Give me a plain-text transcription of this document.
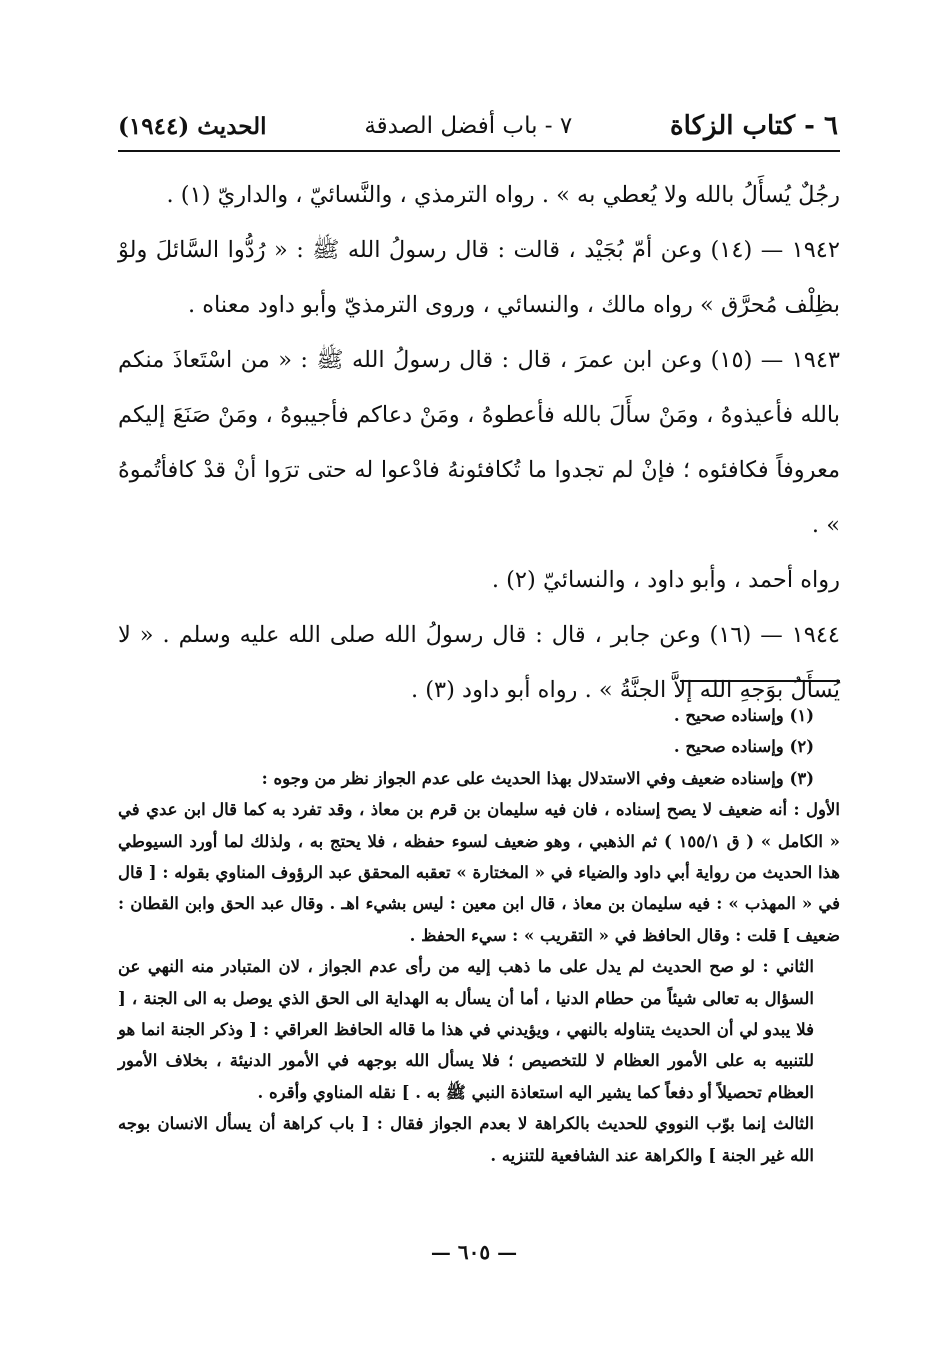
٦ - كتاب الزكاة
٧ - باب أفضل الصدقة
الحديث (١٩٤٤)

رجُلٌ يُسأَلُ بالله ولا يُعطي به » . رواه الترمذي ، والنَّسائيّ ، والداريّ (١) .

١٩٤٢ — (١٤) وعن أمّ بُجَيْد ، قالت : قال رسولُ الله ﷺ : « رُدُّوا السَّائلَ ولوْ بظِلْف مُحرَّق » رواه مالك ، والنسائي ، وروى الترمذيّ وأبو داود معناه .

١٩٤٣ — (١٥) وعن ابن عمرَ ، قال : قال رسولُ الله ﷺ : « من اسْتَعاذَ منكم بالله فأعيذوهُ ، ومَنْ سأَلَ بالله فأعطوهُ ، ومَنْ دعاكم فأجيبوهُ ، ومَنْ صَنَعَ إليكم معروفاً فكافئوه ؛ فإنْ لم تجدوا ما تُكافئونهُ فادْعوا له حتى ترَوا أنْ قدْ كافأتُموهُ » .

رواه أحمد ، وأبو داود ، والنسائيّ (٢) .

١٩٤٤ — (١٦) وعن جابر ، قال : قال رسولُ الله صلى الله عليه وسلم . « لا يُسأَلُ بوَجهِ الله إلاَّ الجنَّةُ » . رواه أبو داود (٣) .

(١) وإسناده صحيح .

(٢) وإسناده صحيح .

(٣) وإسناده ضعيف وفي الاستدلال بهذا الحديث على عدم الجواز نظر من وجوه :

الأول : أنه ضعيف لا يصح إسناده ، فان فيه سليمان بن قرم بن معاذ ، وقد تفرد به كما قال ابن عدي في « الكامل » ( ق ١٥٥/١ ) ثم الذهبي ، وهو ضعيف لسوء حفظه ، فلا يحتج به ، ولذلك لما أورد السيوطي هذا الحديث من رواية أبي داود والضياء في « المختارة » تعقبه المحقق عبد الرؤوف المناوي بقوله : [ قال في « المهذب » : فيه سليمان بن معاذ ، قال ابن معين : ليس بشيء اهـ . وقال عبد الحق وابن القطان : ضعيف ] قلت : وقال الحافظ في « التقريب » : سيء الحفظ .

الثاني : لو صح الحديث لم يدل على ما ذهب إليه من رأى عدم الجواز ، لان المتبادر منه النهي عن السؤال به تعالى شيئاً من حطام الدنيا ، أما أن يسأل به الهداية الى الحق الذي يوصل به الى الجنة ، [ فلا يبدو لي أن الحديث يتناوله بالنهي ، ويؤيدني في هذا ما قاله الحافظ العراقي : [ وذكر الجنة انما هو للتنبيه به على الأمور العظام لا للتخصيص ؛ فلا يسأل الله بوجهه في الأمور الدنيئة ، بخلاف الأمور العظام تحصيلاً أو دفعاً كما يشير اليه استعاذة النبي ﷺ به . ] نقله المناوي وأقره .

الثالث إنما بوّب النووي للحديث بالكراهة لا بعدم الجواز فقال : [ باب كراهة أن يسأل الانسان بوجه الله غير الجنة ] والكراهة عند الشافعية للتنزيه .

— ٦٠٥ —
